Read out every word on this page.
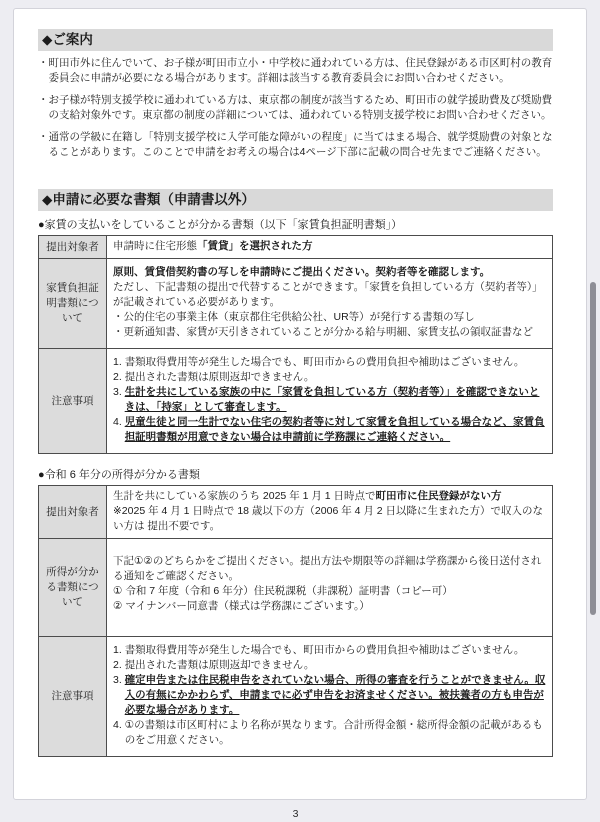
◆ご案内
・ 町田市外に住んでいて、お子様が町田市立小・中学校に通われている方は、住民登録がある市区町村の教育委員会に申請が必要になる場合があります。詳細は該当する教育委員会にお問い合わせください。
・ お子様が特別支援学校に通われている方は、東京都の制度が該当するため、町田市の就学援助費及び奨励費の支給対象外です。東京都の制度の詳細については、通われている特別支援学校にお問い合わせください。
・ 通常の学級に在籍し「特別支援学校に入学可能な障がいの程度」に当てはまる場合、就学奨励費の対象となることがあります。このことで申請をお考えの場合は4ページ下部に記載の問合せ先までご連絡ください。
◆申請に必要な書類（申請書以外）
●家賃の支払いをしていることが分かる書類（以下「家賃負担証明書類」）
提出対象者	申請時に住宅形態「賃貸」を選択された方
家賃負担証明書類について
原則、賃貸借契約書の写しを申請時にご提出ください。契約者等を確認します。
ただし、下記書類の提出で代替することができます。「家賃を負担している方（契約者等）」が記載されている必要があります。
・ 公的住宅の事業主体（東京都住宅供給公社、UR等）が発行する書類の写し
・ 更新通知書、家賃が天引きされていることが分かる給与明細、家賃支払の領収証書など
注意事項
1. 書類取得費用等が発生した場合でも、町田市からの費用負担や補助はございません。
2. 提出された書類は原則返却できません。
3. 生計を共にしている家族の中に「家賃を負担している方（契約者等）」を確認できないときは、「持家」として審査します。
4. 児童生徒と同一生計でない住宅の契約者等に対して家賃を負担している場合など、家賃負担証明書類が用意できない場合は申請前に学務課にご連絡ください。
●令和 6 年分の所得が分かる書類
提出対象者
生計を共にしている家族のうち 2025 年 1 月 1 日時点で町田市に住民登録がない方
※2025 年 4 月 1 日時点で 18 歳以下の方（2006 年 4 月 2 日以降に生まれた方）で収入のない方は 提出不要です。
所得が分かる書類について
下記①②のどちらかをご提出ください。提出方法や期限等の詳細は学務課から後日送付される通知をご確認ください。
① 令和 7 年度（令和 6 年分）住民税課税（非課税）証明書（コピー可）
② マイナンバー同意書（様式は学務課にございます。）
注意事項
1. 書類取得費用等が発生した場合でも、町田市からの費用負担や補助はございません。
2. 提出された書類は原則返却できません。
3. 確定申告または住民税申告をされていない場合、所得の審査を行うことができません。収入の有無にかかわらず、申請までに必ず申告をお済ませください。被扶養者の方も申告が必要な場合があります。
4. ①の書類は市区町村により名称が異なります。合計所得金額・総所得金額の記載があるものをご用意ください。
3
